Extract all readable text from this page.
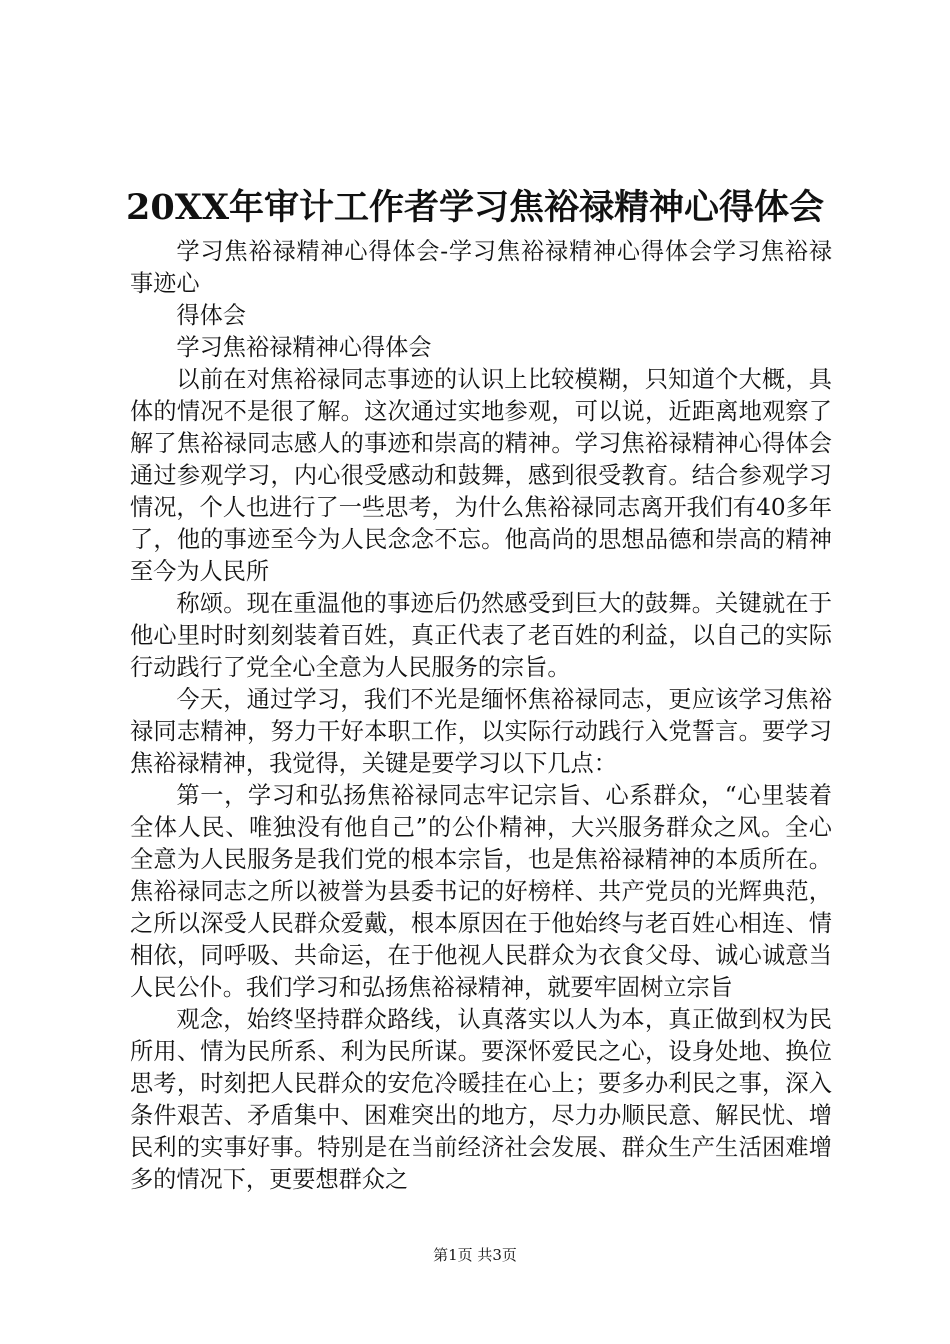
20XX年审计工作者学习焦裕禄精神心得体会

学习焦裕禄精神心得体会-学习焦裕禄精神心得体会学习焦裕禄事迹心

得体会

学习焦裕禄精神心得体会

以前在对焦裕禄同志事迹的认识上比较模糊，只知道个大概，具体的情况不是很了解。这次通过实地参观，可以说，近距离地观察了解了焦裕禄同志感人的事迹和崇高的精神。学习焦裕禄精神心得体会通过参观学习，内心很受感动和鼓舞，感到很受教育。结合参观学习情况，个人也进行了一些思考，为什么焦裕禄同志离开我们有40多年了，他的事迹至今为人民念念不忘。他高尚的思想品德和崇高的精神至今为人民所

称颂。现在重温他的事迹后仍然感受到巨大的鼓舞。关键就在于他心里时时刻刻装着百姓，真正代表了老百姓的利益，以自己的实际行动践行了党全心全意为人民服务的宗旨。

今天，通过学习，我们不光是缅怀焦裕禄同志，更应该学习焦裕禄同志精神，努力干好本职工作，以实际行动践行入党誓言。要学习焦裕禄精神，我觉得，关键是要学习以下几点：

第一，学习和弘扬焦裕禄同志牢记宗旨、心系群众，“心里装着全体人民、唯独没有他自己”的公仆精神，大兴服务群众之风。全心全意为人民服务是我们党的根本宗旨，也是焦裕禄精神的本质所在。焦裕禄同志之所以被誉为县委书记的好榜样、共产党员的光辉典范，之所以深受人民群众爱戴，根本原因在于他始终与老百姓心相连、情相依，同呼吸、共命运，在于他视人民群众为衣食父母、诚心诚意当人民公仆。我们学习和弘扬焦裕禄精神，就要牢固树立宗旨

观念，始终坚持群众路线，认真落实以人为本，真正做到权为民所用、情为民所系、利为民所谋。要深怀爱民之心，设身处地、换位思考，时刻把人民群众的安危冷暖挂在心上；要多办利民之事，深入条件艰苦、矛盾集中、困难突出的地方，尽力办顺民意、解民忧、增民利的实事好事。特别是在当前经济社会发展、群众生产生活困难增多的情况下，更要想群众之

第1页 共3页
